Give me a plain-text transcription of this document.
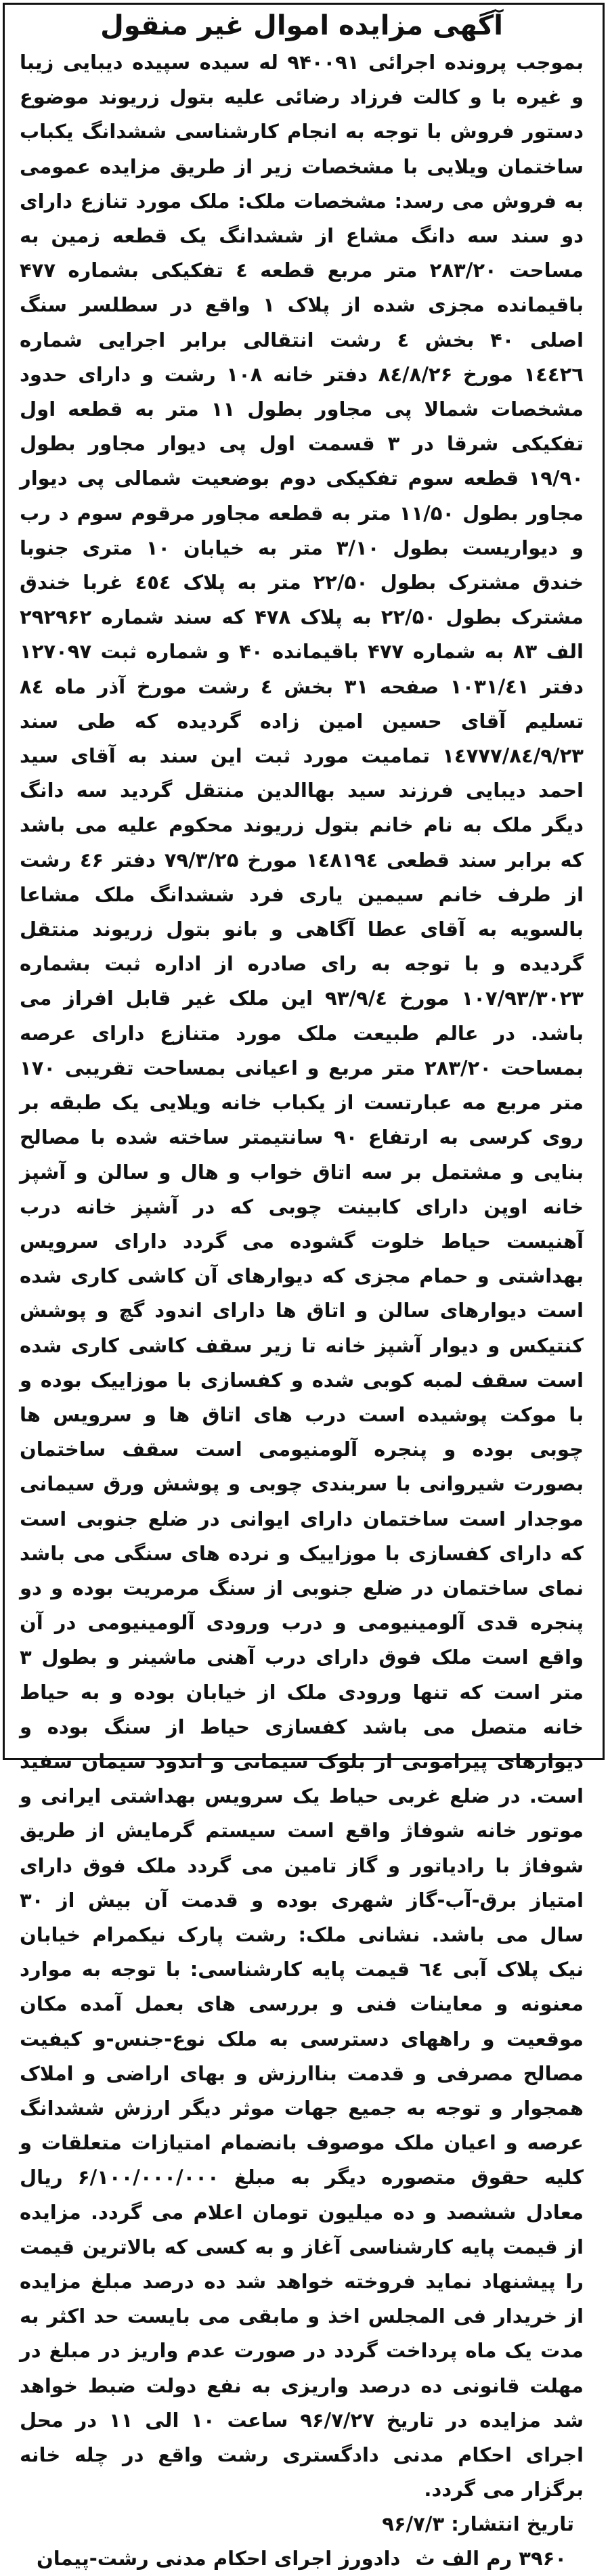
آگهی مزایده اموال غیر منقول

بموجب پرونده اجرائی ۹۴۰۰۹۱ له سیده سپیده دیبایی زیبا و غیره با و کالت فرزاد رضائی علیه بتول زریوند موضوع دستور فروش با توجه به انجام کارشناسی ششدانگ یکباب ساختمان ویلایی با مشخصات زیر از طریق مزایده عمومی به فروش می رسد: مشخصات ملک: ملک مورد تنازع دارای دو سند سه دانگ مشاع از ششدانگ یک قطعه زمین به مساحت ۲۸۳/۲۰ متر مربع قطعه ٤ تفکیکی بشماره ۴۷۷ باقیمانده مجزی شده از پلاک ۱ واقع در سطلسر سنگ اصلی ۴۰ بخش ٤ رشت انتقالی برابر اجرایی شماره ۱٤٤٢٦ مورخ ۸٤/۸/۲۶ دفتر خانه ۱۰۸ رشت و دارای حدود مشخصات شمالا پی مجاور بطول ۱۱ متر به قطعه اول تفکیکی شرقا در ۳ قسمت اول پی دیوار مجاور بطول ۱۹/۹۰ قطعه سوم تفکیکی دوم بوضعیت شمالی پی دیوار مجاور بطول ۱۱/۵۰ متر به قطعه مجاور مرقوم سوم د رب و دیواریست بطول ۳/۱۰ متر به خیابان ۱۰ متری جنوبا خندق مشترک بطول ۲۲/۵۰ متر به پلاک ٤٥٤ غربا خندق مشترک بطول ۲۲/۵۰ به پلاک ۴۷۸ که سند شماره ۲۹۲۹۶۲ الف ۸۳ به شماره ۴۷۷ باقیمانده ۴۰ و شماره ثبت ۱۲۷۰۹۷ دفتر ۱۰۳۱/٤۱ صفحه ۳۱ بخش ٤ رشت مورخ آذر ماه ۸٤ تسلیم آقای حسین امین زاده گردیده که طی سند ۱٤۷۷۷/۸٤/۹/۲۳ تمامیت مورد ثبت این سند به آقای سید احمد دیبایی فرزند سید بهاالدین منتقل گردید سه دانگ دیگر ملک به نام خانم بتول زریوند محکوم علیه می باشد که برابر سند قطعی ۱٤۸۱۹٤ مورخ ۷۹/۳/۲۵ دفتر ٤۶ رشت از طرف خانم سیمین یاری فرد ششدانگ ملک مشاعا بالسویه به آقای عطا آگاهی و بانو بتول زریوند منتقل گردیده و با توجه به رای صادره از اداره ثبت بشماره ۱۰۷/۹۳/۳۰۲۳ مورخ ۹۳/۹/٤ این ملک غیر قابل افراز می باشد. در عالم طبیعت ملک مورد متنازع دارای عرصه بمساحت ۲۸۳/۲۰ متر مربع و اعیانی بمساحت تقریبی ۱۷۰ متر مربع مه عبارتست از یکباب خانه ویلایی یک طبقه بر روی کرسی به ارتفاع ۹۰ سانتیمتر ساخته شده با مصالح بنایی و مشتمل بر سه اتاق خواب و هال و سالن و آشپز خانه اوپن دارای کابینت چوبی که در آشپز خانه درب آهنیست حیاط خلوت گشوده می گردد دارای سرویس بهداشتی و حمام مجزی که دیوارهای آن کاشی کاری شده است دیوارهای سالن و اتاق ها دارای اندود گچ و پوشش کنتیکس و دیوار آشپز خانه تا زیر سقف کاشی کاری شده است سقف لمبه کوبی شده و کفسازی با موزاییک بوده و با موکت پوشیده است درب های اتاق ها و سرویس ها چوبی بوده و پنجره آلومنیومی است سقف ساختمان بصورت شیروانی با سربندی چوبی و پوشش ورق سیمانی موجدار است ساختمان دارای ایوانی در ضلع جنوبی است که دارای کفسازی با موزاییک و نرده های سنگی می باشد نمای ساختمان در ضلع جنوبی از سنگ مرمریت بوده و دو پنجره قدی آلومینیومی و درب ورودی آلومینیومی در آن واقع است ملک فوق دارای درب آهنی ماشینر و بطول ۳ متر است که تنها ورودی ملک از خیابان بوده و به حیاط خانه متصل می باشد کفسازی حیاط از سنگ بوده و دیوارهای پیرامونی از بلوک سیمانی و اندود سیمان سفید است. در ضلع غربی حیاط یک سرویس بهداشتی ایرانی و موتور خانه شوفاژ واقع است سیستم گرمایش از طریق شوفاژ با رادیاتور و گاز تامین می گردد ملک فوق دارای امتیاز برق-آب-گاز شهری بوده و قدمت آن بیش از ۳۰ سال می باشد. نشانی ملک: رشت پارک نیکمرام خیابان نیک پلاک آبی ٦٤ قیمت پایه کارشناسی: با توجه به موارد معنونه و معاینات فنی و بررسی های بعمل آمده مکان موقعیت و راههای دسترسی به ملک نوع-جنس-و کیفیت مصالح مصرفی و قدمت بناارزش و بهای اراضی و املاک همجوار و توجه به جمیع جهات موثر دیگر ارزش ششدانگ عرصه و اعیان ملک موصوف بانضمام امتیازات متعلقات و کلیه حقوق متصوره دیگر به مبلغ ۶/۱۰۰/۰۰۰/۰۰۰ ریال معادل ششصد و ده میلیون تومان اعلام می گردد. مزایده از قیمت پایه کارشناسی آغاز و به کسی که بالاترین قیمت را پیشنهاد نماید فروخته خواهد شد ده درصد مبلغ مزایده از خریدار فی المجلس اخذ و مابقی می بایست حد اکثر به مدت یک ماه پرداخت گردد در صورت عدم واریز در مبلغ در مهلت قانونی ده درصد واریزی به نفع دولت ضبط خواهد شد مزایده در تاریخ ۹۶/۷/۲۷ ساعت ۱۰ الی ۱۱ در محل اجرای احکام مدنی دادگستری رشت واقع در چله خانه برگزار می گردد.

تاریخ انتشار: ۹۶/۷/۳
۳۹۶۰ رم الف ث دادورز اجرای احکام مدنی رشت-پیمان
